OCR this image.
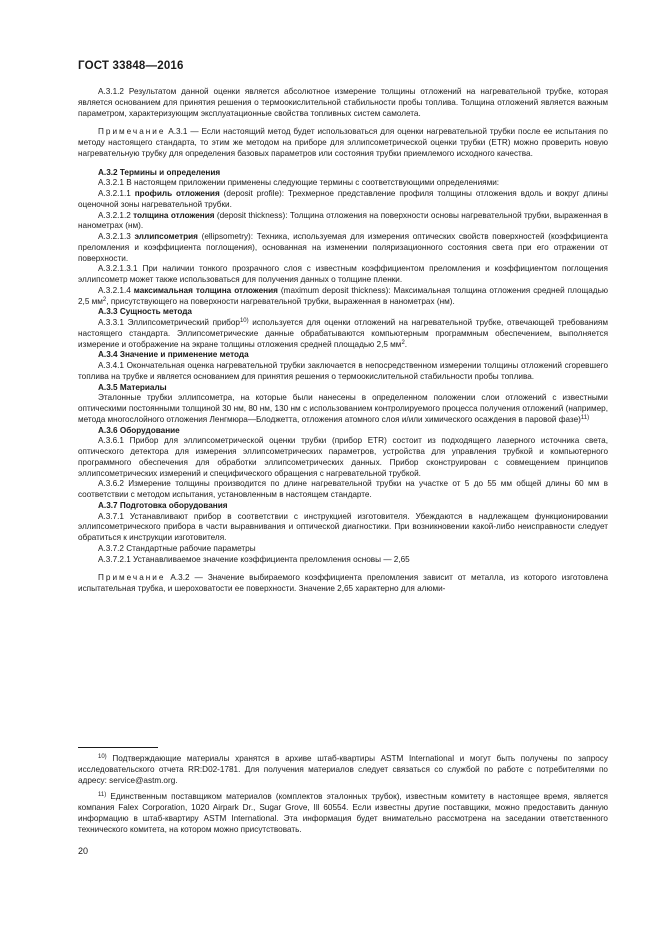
ГОСТ 33848—2016

А.3.1.2 Результатом данной оценки является абсолютное измерение толщины отложений на нагревательной трубке, которая является основанием для принятия решения о термоокислительной стабильности пробы топлива. Толщина отложений является важным параметром, характеризующим эксплуатационные свойства топливных систем самолета.

Примечание А.3.1 — Если настоящий метод будет использоваться для оценки нагревательной трубки после ее испытания по методу настоящего стандарта, то этим же методом на приборе для эллипсометрической оценки трубки (ETR) можно проверить новую нагревательную трубку для определения базовых параметров или состояния трубки приемлемого исходного качества.

А.3.2 Термины и определения

А.3.2.1 В настоящем приложении применены следующие термины с соответствующими определениями:

А.3.2.1.1 профиль отложения (deposit profile): Трехмерное представление профиля толщины отложения вдоль и вокруг длины оценочной зоны нагревательной трубки.

А.3.2.1.2 толщина отложения (deposit thickness): Толщина отложения на поверхности основы нагревательной трубки, выраженная в нанометрах (нм).

А.3.2.1.3 эллипсометрия (ellipsometry): Техника, используемая для измерения оптических свойств поверхностей (коэффициента преломления и коэффициента поглощения), основанная на изменении поляризационного состояния света при его отражении от поверхности.

А.3.2.1.3.1 При наличии тонкого прозрачного слоя с известным коэффициентом преломления и коэффициентом поглощения эллипсометр может также использоваться для получения данных о толщине пленки.

А.3.2.1.4 максимальная толщина отложения (maximum deposit thickness): Максимальная толщина отложения средней площадью 2,5 $мм^2$, присутствующего на поверхности нагревательной трубки, выраженная в нанометрах (нм).

А.3.3 Сущность метода

А.3.3.1 Эллипсометрический прибор$^{10)}$ используется для оценки отложений на нагревательной трубке, отвечающей требованиям настоящего стандарта. Эллипсометрические данные обрабатываются компьютерным программным обеспечением, выполняется измерение и отображение на экране толщины отложения средней площадью 2,5 $мм^2$.

А.3.4 Значение и применение метода

А.3.4.1 Окончательная оценка нагревательной трубки заключается в непосредственном измерении толщины отложений сгоревшего топлива на трубке и является основанием для принятия решения о термоокислительной стабильности пробы топлива.

А.3.5 Материалы

Эталонные трубки эллипсометра, на которые были нанесены в определенном положении слои отложений с известными оптическими постоянными толщиной 30 нм, 80 нм, 130 нм с использованием контролируемого процесса получения отложений (например, метода многослойного отложения Ленгмюра—Блоджетта, отложения атомного слоя и/или химического осаждения в паровой фазе)$^{11)}$

А.3.6 Оборудование

А.3.6.1 Прибор для эллипсометрической оценки трубки (прибор ETR) состоит из подходящего лазерного источника света, оптического детектора для измерения эллипсометрических параметров, устройства для управления трубкой и компьютерного программного обеспечения для обработки эллипсометрических данных. Прибор сконструирован с совмещением принципов эллипсометрических измерений и специфического обращения с нагревательной трубкой.

А.3.6.2 Измерение толщины производится по длине нагревательной трубки на участке от 5 до 55 мм общей длины 60 мм в соответствии с методом испытания, установленным в настоящем стандарте.

А.3.7 Подготовка оборудования

А.3.7.1 Устанавливают прибор в соответствии с инструкцией изготовителя. Убеждаются в надлежащем функционировании эллипсометрического прибора в части выравнивания и оптической диагностики. При возникновении какой-либо неисправности следует обратиться к инструкции изготовителя.

А.3.7.2 Стандартные рабочие параметры

А.3.7.2.1 Устанавливаемое значение коэффициента преломления основы — 2,65

Примечание А.3.2 — Значение выбираемого коэффициента преломления зависит от металла, из которого изготовлена испытательная трубка, и шероховатости ее поверхности. Значение 2,65 характерно для алюми-

$^{10)}$ Подтверждающие материалы хранятся в архиве штаб-квартиры ASTM International и могут быть получены по запросу исследовательского отчета RR:D02-1781. Для получения материалов следует связаться со службой по работе с потребителями по адресу: service@astm.org.

$^{11)}$ Единственным поставщиком материалов (комплектов эталонных трубок), известным комитету в настоящее время, является компания Falex Corporation, 1020 Airpark Dr., Sugar Grove, Ill 60554. Если известны другие поставщики, можно предоставить данную информацию в штаб-квартиру ASTM International. Эта информация будет внимательно рассмотрена на заседании ответственного технического комитета, на котором можно присутствовать.

20
